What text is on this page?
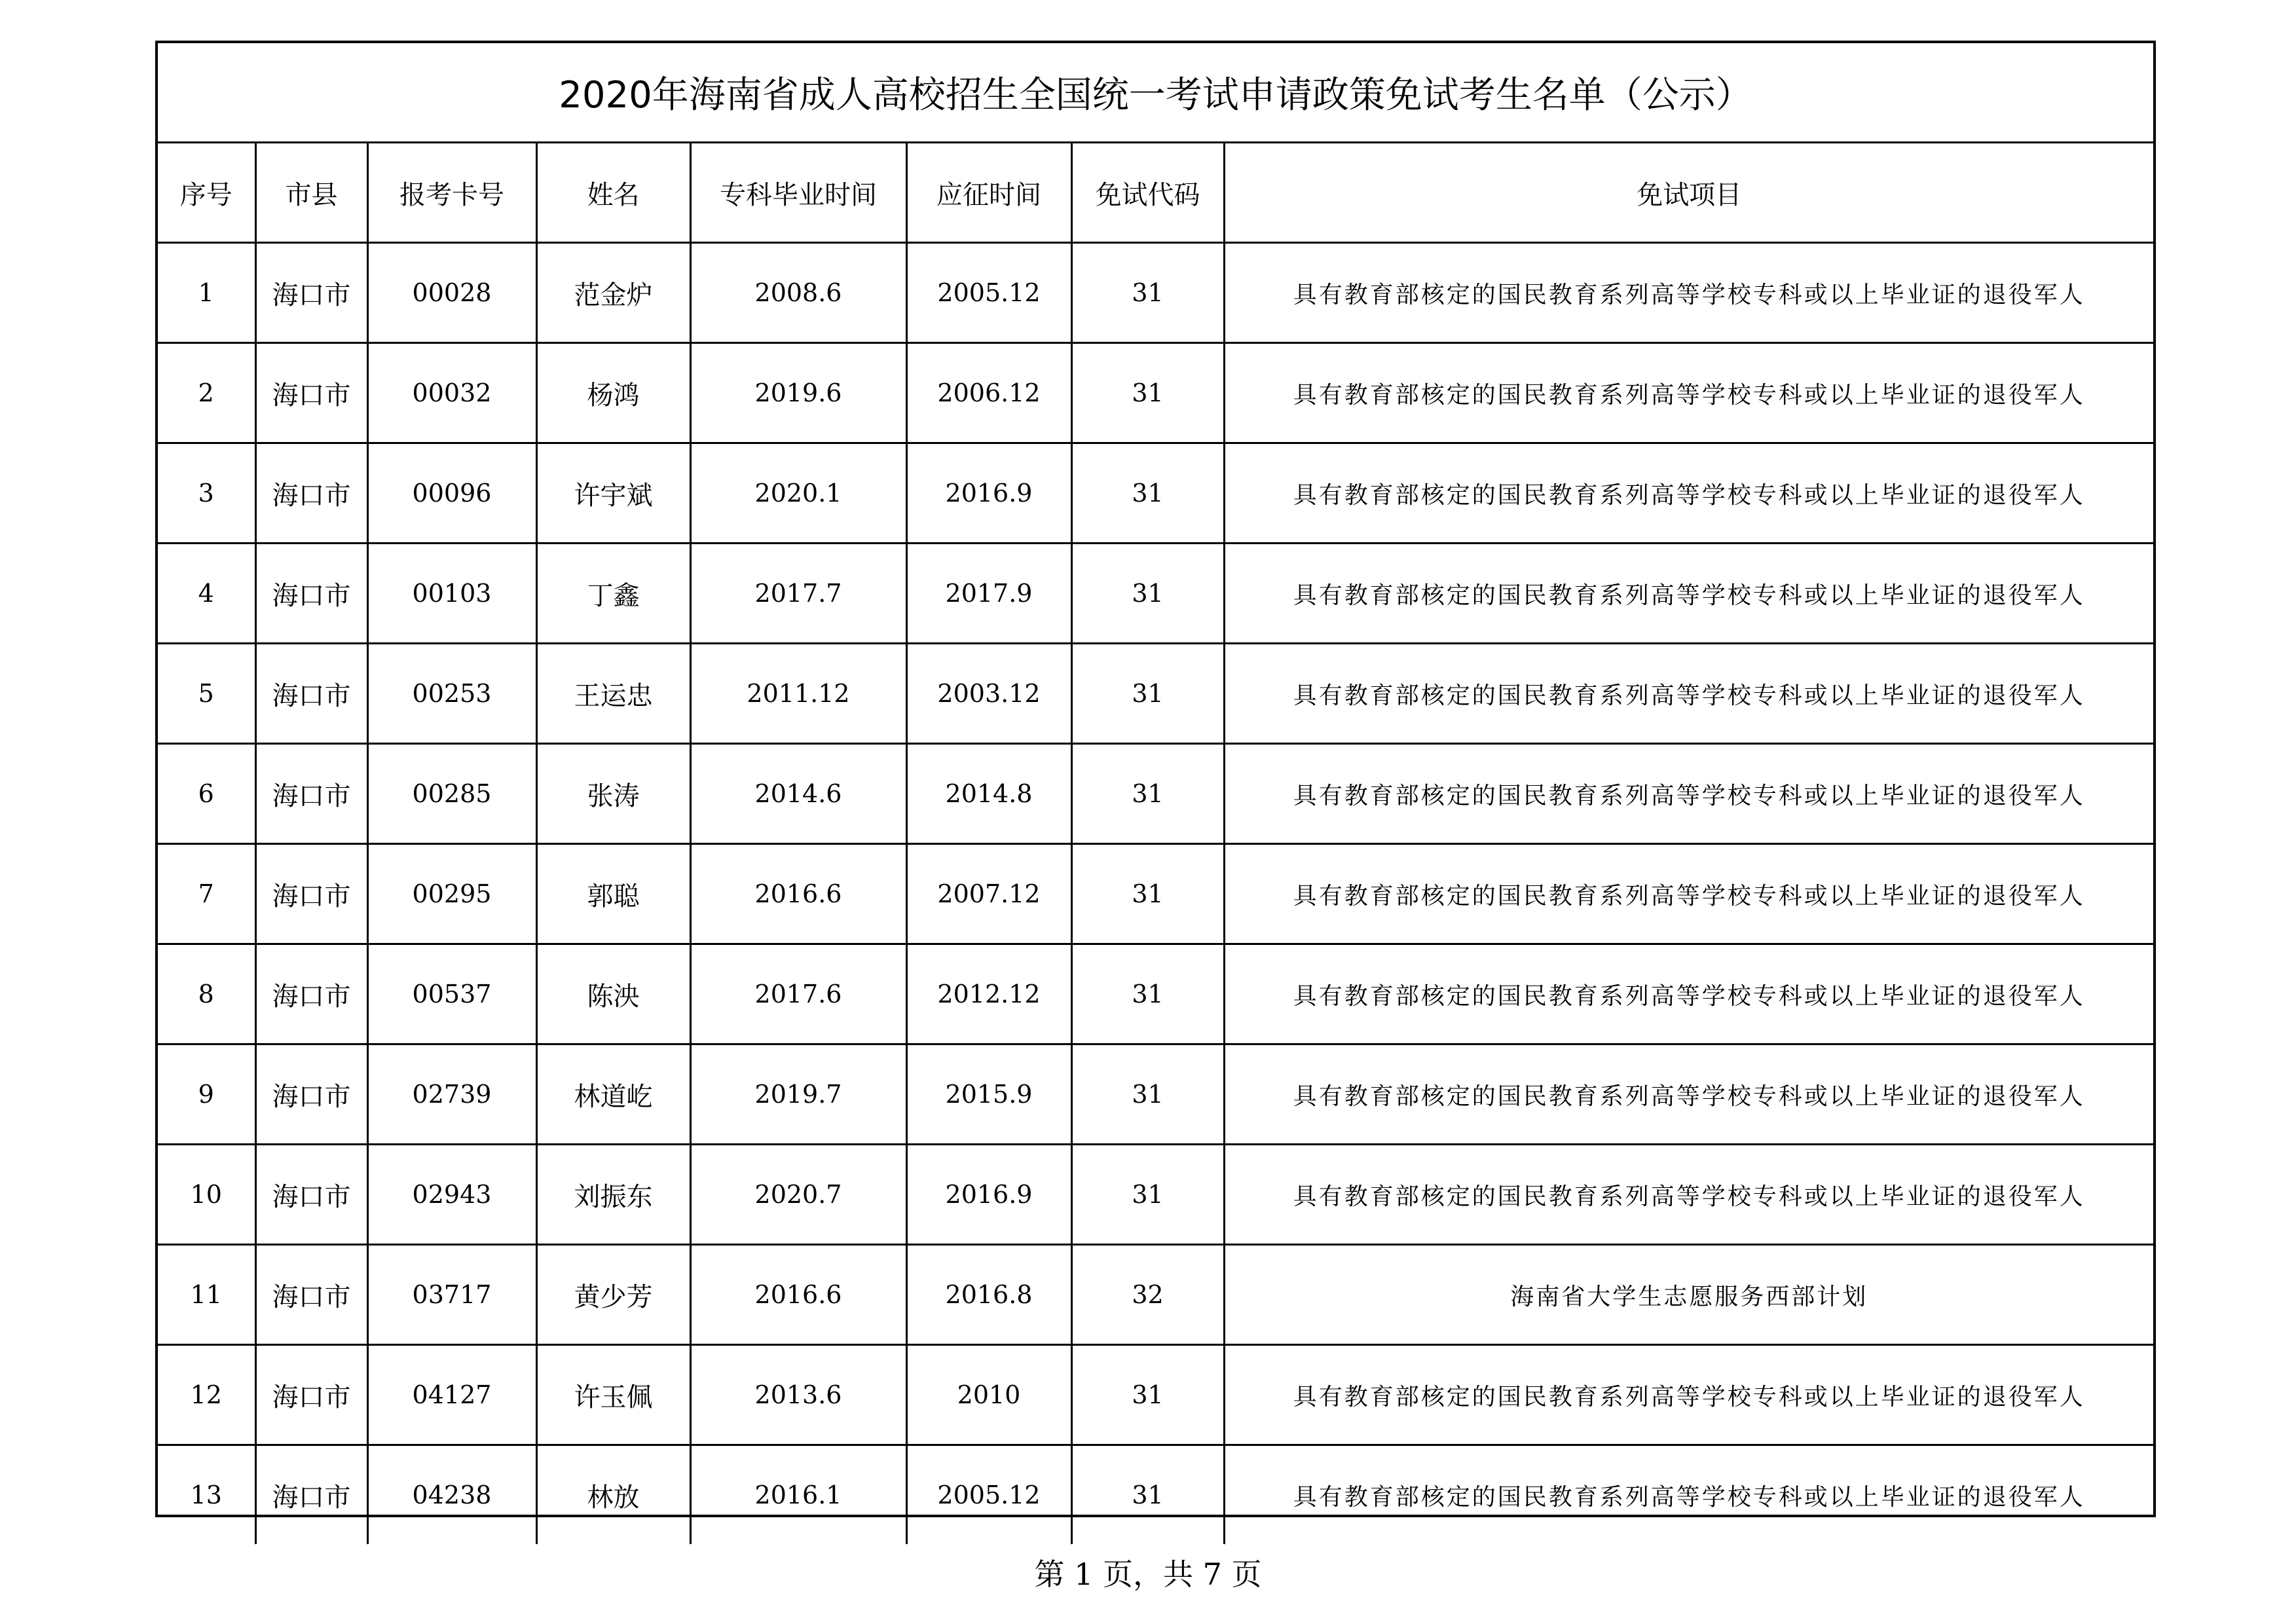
2020年海南省成人高校招生全国统一考试申请政策免试考生名单（公示）							
序号	市县	报考卡号	姓名	专科毕业时间	应征时间	免试代码	免试项目
1	海口市	00028	范金炉	2008.6	2005.12	31	具有教育部核定的国民教育系列高等学校专科或以上毕业证的退役军人
2	海口市	00032	杨鸿	2019.6	2006.12	31	具有教育部核定的国民教育系列高等学校专科或以上毕业证的退役军人
3	海口市	00096	许宇斌	2020.1	2016.9	31	具有教育部核定的国民教育系列高等学校专科或以上毕业证的退役军人
4	海口市	00103	丁鑫	2017.7	2017.9	31	具有教育部核定的国民教育系列高等学校专科或以上毕业证的退役军人
5	海口市	00253	王运忠	2011.12	2003.12	31	具有教育部核定的国民教育系列高等学校专科或以上毕业证的退役军人
6	海口市	00285	张涛	2014.6	2014.8	31	具有教育部核定的国民教育系列高等学校专科或以上毕业证的退役军人
7	海口市	00295	郭聪	2016.6	2007.12	31	具有教育部核定的国民教育系列高等学校专科或以上毕业证的退役军人
8	海口市	00537	陈泱	2017.6	2012.12	31	具有教育部核定的国民教育系列高等学校专科或以上毕业证的退役军人
9	海口市	02739	林道屹	2019.7	2015.9	31	具有教育部核定的国民教育系列高等学校专科或以上毕业证的退役军人
10	海口市	02943	刘振东	2020.7	2016.9	31	具有教育部核定的国民教育系列高等学校专科或以上毕业证的退役军人
11	海口市	03717	黄少芳	2016.6	2016.8	32	海南省大学生志愿服务西部计划
12	海口市	04127	许玉佩	2013.6	2010	31	具有教育部核定的国民教育系列高等学校专科或以上毕业证的退役军人
13	海口市	04238	林放	2016.1	2005.12	31	具有教育部核定的国民教育系列高等学校专科或以上毕业证的退役军人
第 1 页，共 7 页
